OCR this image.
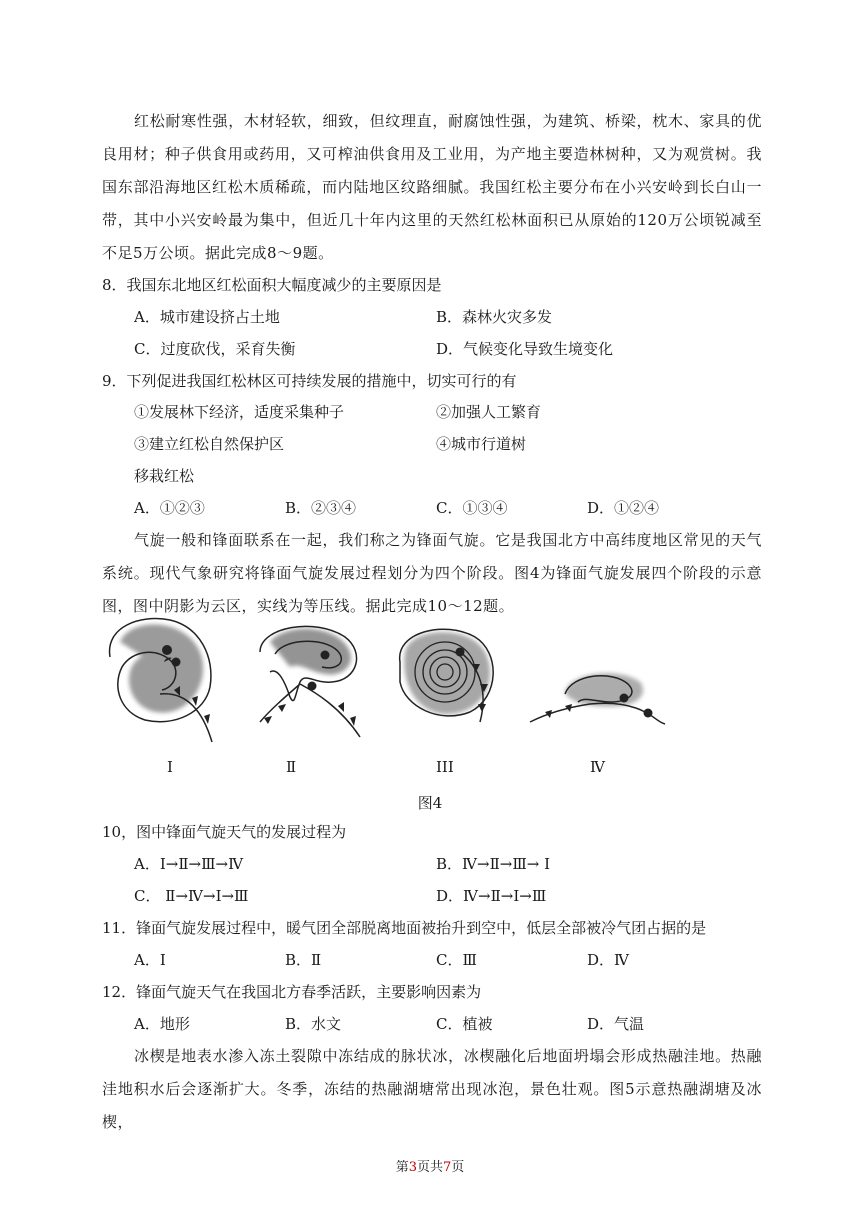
红松耐寒性强，木材轻软，细致，但纹理直，耐腐蚀性强，为建筑、桥梁，枕木、家具的优良用材；种子供食用或药用，又可榨油供食用及工业用，为产地主要造林树种，又为观赏树。我国东部沿海地区红松木质稀疏，而内陆地区纹路细腻。我国红松主要分布在小兴安岭到长白山一带，其中小兴安岭最为集中，但近几十年内这里的天然红松林面积已从原始的120万公顷锐减至不足5万公顷。据此完成8～9题。

8．我国东北地区红松面积大幅度减少的主要原因是

A．城市建设挤占土地	B．森林火灾多发
C．过度砍伐，采育失衡	D．气候变化导致生境变化

9．下列促进我国红松林区可持续发展的措施中，切实可行的有

①发展林下经济，适度采集种子	②加强人工繁育
③建立红松自然保护区	④城市行道树
移栽红松
A．①②③	B．②③④	C．①③④	D．①②④

气旋一般和锋面联系在一起，我们称之为锋面气旋。它是我国北方中高纬度地区常见的天气系统。现代气象研究将锋面气旋发展过程划分为四个阶段。图4为锋面气旋发展四个阶段的示意图，图中阴影为云区，实线为等压线。据此完成10～12题。

I	Ⅱ	III	Ⅳ
图4

10，图中锋面气旋天气的发展过程为

A．I→Ⅱ→Ⅲ→Ⅳ	B．Ⅳ→Ⅱ→Ⅲ→ I
C． Ⅱ→Ⅳ→I→Ⅲ	D．Ⅳ→Ⅱ→I→Ⅲ

11．锋面气旋发展过程中，暖气团全部脱离地面被抬升到空中，低层全部被冷气团占据的是

A．I	B．Ⅱ	C．Ⅲ	D．Ⅳ

12．锋面气旋天气在我国北方春季活跃，主要影响因素为

A．地形	B．水文	C．植被	D．气温

冰楔是地表水渗入冻土裂隙中冻结成的脉状冰，冰楔融化后地面坍塌会形成热融洼地。热融洼地积水后会逐渐扩大。冬季，冻结的热融湖塘常出现冰泡，景色壮观。图5示意热融湖塘及冰楔，

第3页共7页
